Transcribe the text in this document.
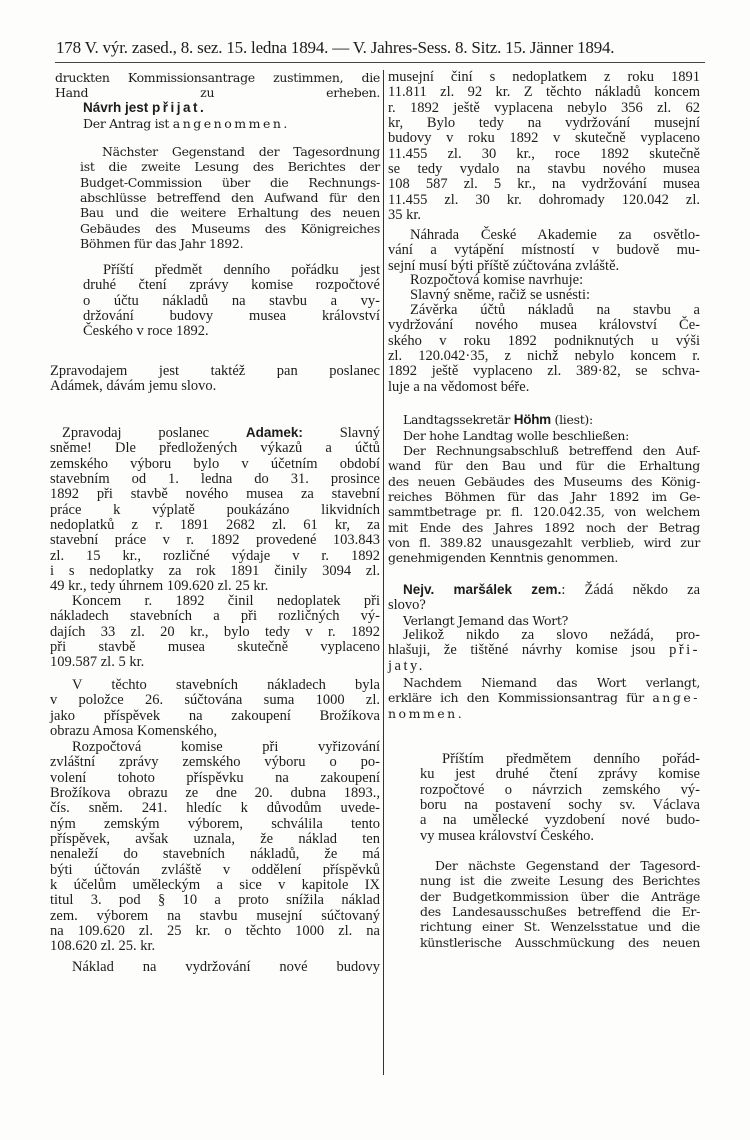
178 V. výr. zased., 8. sez. 15. ledna 1894. — V. Jahres-Sess. 8. Sitz. 15. Jänner 1894.
druckten Kommissionsantrage zustimmen, die
Hand zu erheben.
Návrh jest přijat.
Der Antrag ist angenommen.
Nächster Gegenstand der Tagesordnung
ist die zweite Lesung des Berichtes der
Budget-Commission über die Rechnungs-
abschlüsse betreffend den Aufwand für den
Bau und die weitere Erhaltung des neuen
Gebäudes des Museums des Königreiches
Böhmen für das Jahr 1892.
Příští předmět denního pořádku jest
druhé čtení zprávy komise rozpočtové
o účtu nákladů na stavbu a vy-
držování budovy musea království
Českého v roce 1892.
Zpravodajem jest taktéž pan poslanec
Adámek, dávám jemu slovo.
Zpravodaj poslanec Adamek: Slavný
sněme! Dle předložených výkazů a účtů
zemského výboru bylo v účetním období
stavebním od 1. ledna do 31. prosince
1892 při stavbě nového musea za stavební
práce k výplatě poukázáno likvidních
nedoplatků z r. 1891 2682 zl. 61 kr, za
stavební práce v r. 1892 provedené 103.843
zl. 15 kr., rozličné výdaje v r. 1892
i s nedoplatky za rok 1891 činily 3094 zl.
49 kr., tedy úhrnem 109.620 zl. 25 kr.
Koncem r. 1892 činil nedoplatek při
nákladech stavebních a při rozličných vý-
dajích 33 zl. 20 kr., bylo tedy v r. 1892
při stavbě musea skutečně vyplaceno
109.587 zl. 5 kr.
V těchto stavebních nákladech byla
v položce 26. súčtována suma 1000 zl.
jako příspěvek na zakoupení Brožíkova
obrazu Amosa Komenského,
Rozpočtová komise při vyřizování
zvláštní zprávy zemského výboru o po-
volení tohoto příspěvku na zakoupení
Brožíkova obrazu ze dne 20. dubna 1893.,
čís. sněm. 241. hledíc k důvodům uvede-
ným zemským výborem, schválila tento
příspěvek, avšak uznala, že náklad ten
nenaleží do stavebních nákladů, že má
býti účtován zvláště v oddělení příspěvků
k účelům uměleckým a sice v kapitole IX
titul 3. pod § 10 a proto snížila náklad
zem. výborem na stavbu musejní súčtovaný
na 109.620 zl. 25 kr. o těchto 1000 zl. na
108.620 zl. 25. kr.
Náklad na vydržování nové budovy
musejní činí s nedoplatkem z roku 1891
11.811 zl. 92 kr. Z těchto nákladů koncem
r. 1892 ještě vyplacena nebylo 356 zl. 62
kr, Bylo tedy na vydržování musejní
budovy v roku 1892 v skutečně vyplaceno
11.455 zl. 30 kr., roce 1892 skutečně
se tedy vydalo na stavbu nového musea
108 587 zl. 5 kr., na vydržování musea
11.455 zl. 30 kr. dohromady 120.042 zl.
35 kr.
Náhrada České Akademie za osvětlo-
vání a vytápění místností v budově mu-
sejní musí býti příště zúčtována zvláště.
Rozpočtová komise navrhuje:
Slavný sněme, račiž se usnésti:
Závěrka účtů nákladů na stavbu a
vydržování nového musea království Če-
ského v roku 1892 podniknutých u výši
zl. 120.042·35, z nichž nebylo koncem r.
1892 ještě vyplaceno zl. 389·82, se schva-
luje a na vědomost béře.
Landtagssekretär Höhm (liest):
Der hohe Landtag wolle beschließen:
Der Rechnungsabschluß betreffend den Auf-
wand für den Bau und für die Erhaltung
des neuen Gebäudes des Museums des König-
reiches Böhmen für das Jahr 1892 im Ge-
sammtbetrage pr. fl. 120.042.35, von welchem
mit Ende des Jahres 1892 noch der Betrag
von fl. 389.82 unausgezahlt verblieb, wird zur
genehmigenden Kenntnis genommen.
Nejv. maršálek zem.: Žádá někdo za
slovo?
Verlangt Jemand das Wort?
Jelikož nikdo za slovo nežádá, pro-
hlašuji, že tištěné návrhy komise jsou při-
jaty.
Nachdem Niemand das Wort verlangt,
erkläre ich den Kommissionsantrag für ange-
nommen.
Příštím předmětem denního pořád-
ku jest druhé čtení zprávy komise
rozpočtové o návrzich zemského vý-
boru na postavení sochy sv. Václava
a na umělecké vyzdobení nové budo-
vy musea království Českého.
Der nächste Gegenstand der Tagesord-
nung ist die zweite Lesung des Berichtes
der Budgetkommission über die Anträge
des Landesausschußes betreffend die Er-
richtung einer St. Wenzelsstatue und die
künstlerische Ausschmückung des neuen
